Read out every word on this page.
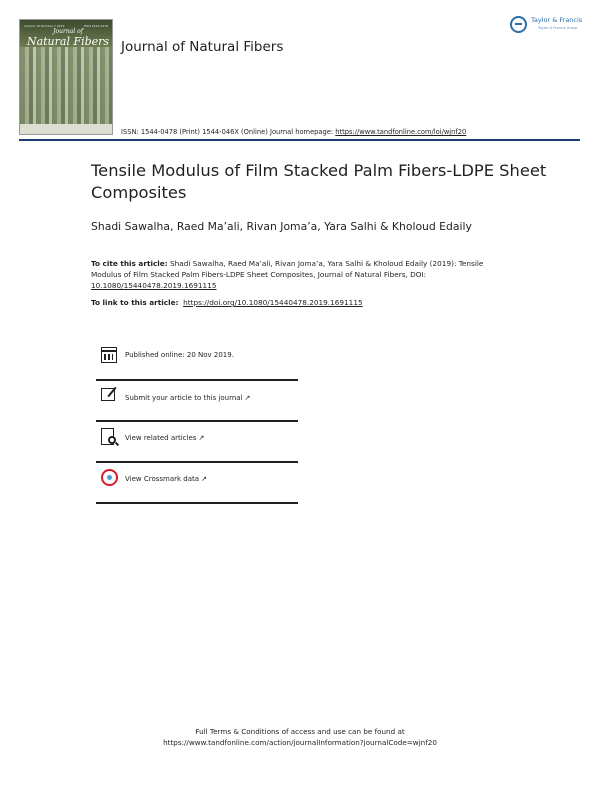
Volume 16 Number 7 2019	ISSN 1544-0478
Journal of
Natural Fibers Journal of Natural Fibers
Taylor & Francis
Taylor & Francis Group
ISSN: 1544-0478 (Print) 1544-046X (Online) Journal homepage: https://www.tandfonline.com/loi/wjnf20
Tensile Modulus of Film Stacked Palm Fibers-LDPE Sheet Composites
Shadi Sawalha, Raed Ma’ali, Rivan Joma’a, Yara Salhi & Kholoud Edaily
To cite this article: Shadi Sawalha, Raed Ma’ali, Rivan Joma’a, Yara Salhi & Kholoud Edaily (2019): Tensile Modulus of Film Stacked Palm Fibers-LDPE Sheet Composites, Journal of Natural Fibers, DOI: 10.1080/15440478.2019.1691115
To link to this article: https://doi.org/10.1080/15440478.2019.1691115
Published online: 20 Nov 2019.
Submit your article to this journal ↗
View related articles ↗
View Crossmark data ↗
Full Terms & Conditions of access and use can be found at
https://www.tandfonline.com/action/journalInformation?journalCode=wjnf20
